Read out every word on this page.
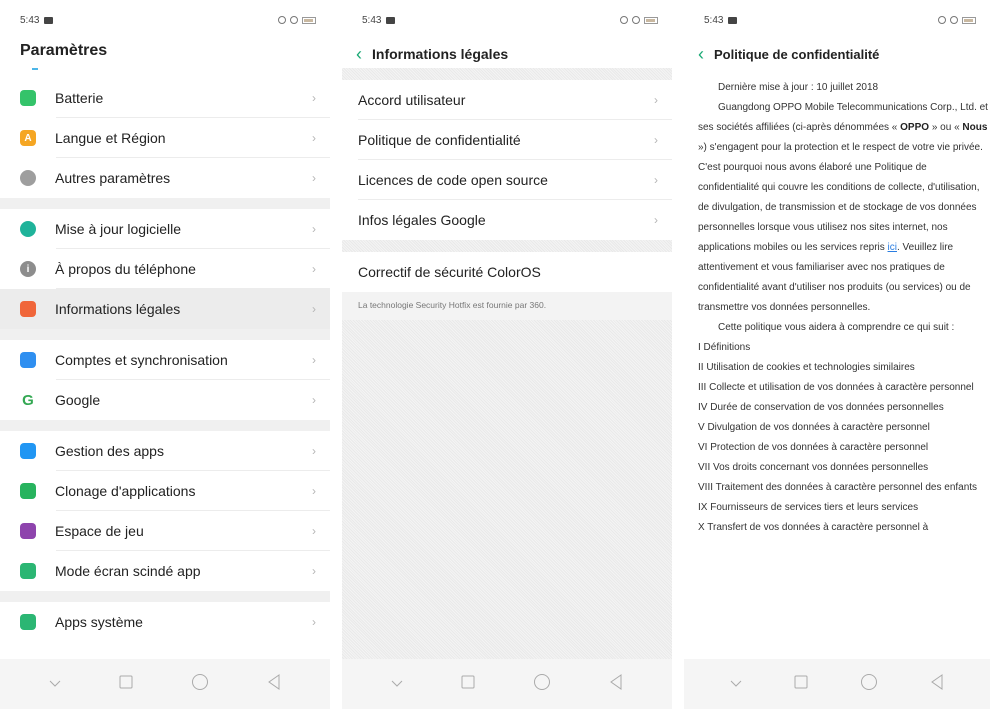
5:43
Paramètres
Batterie	›
A	Langue et Région	›
Autres paramètres	›
Mise à jour logicielle	›
i	À propos du téléphone	›
Informations légales	›
Comptes et synchronisation	›
G Google	›
Gestion des apps	›
Clonage d'applications	›
Espace de jeu	›
Mode écran scindé app	›
Apps système	›
5:43
‹ Informations légales
Accord utilisateur	›
Politique de confidentialité	›
Licences de code open source	›
Infos légales Google	›
Correctif de sécurité ColorOS
La technologie Security Hotfix est fournie par 360.
5:43
‹ Politique de confidentialité

Dernière mise à jour : 10 juillet 2018

Guangdong OPPO Mobile Telecommunications Corp., Ltd. et ses sociétés affiliées (ci-après dénommées « OPPO » ou « Nous ») s'engagent pour la protection et le respect de votre vie privée. C'est pourquoi nous avons élaboré une Politique de confidentialité qui couvre les conditions de collecte, d'utilisation, de divulgation, de transmission et de stockage de vos données personnelles lorsque vous utilisez nos sites internet, nos applications mobiles ou les services repris ici. Veuillez lire attentivement et vous familiariser avec nos pratiques de confidentialité avant d'utiliser nos produits (ou services) ou de transmettre vos données personnelles.

Cette politique vous aidera à comprendre ce qui suit :

I Définitions

II Utilisation de cookies et technologies similaires

III Collecte et utilisation de vos données à caractère personnel

IV Durée de conservation de vos données personnelles

V Divulgation de vos données à caractère personnel

VI Protection de vos données à caractère personnel

VII Vos droits concernant vos données personnelles

VIII Traitement des données à caractère personnel des enfants

IX Fournisseurs de services tiers et leurs services

X Transfert de vos données à caractère personnel à
